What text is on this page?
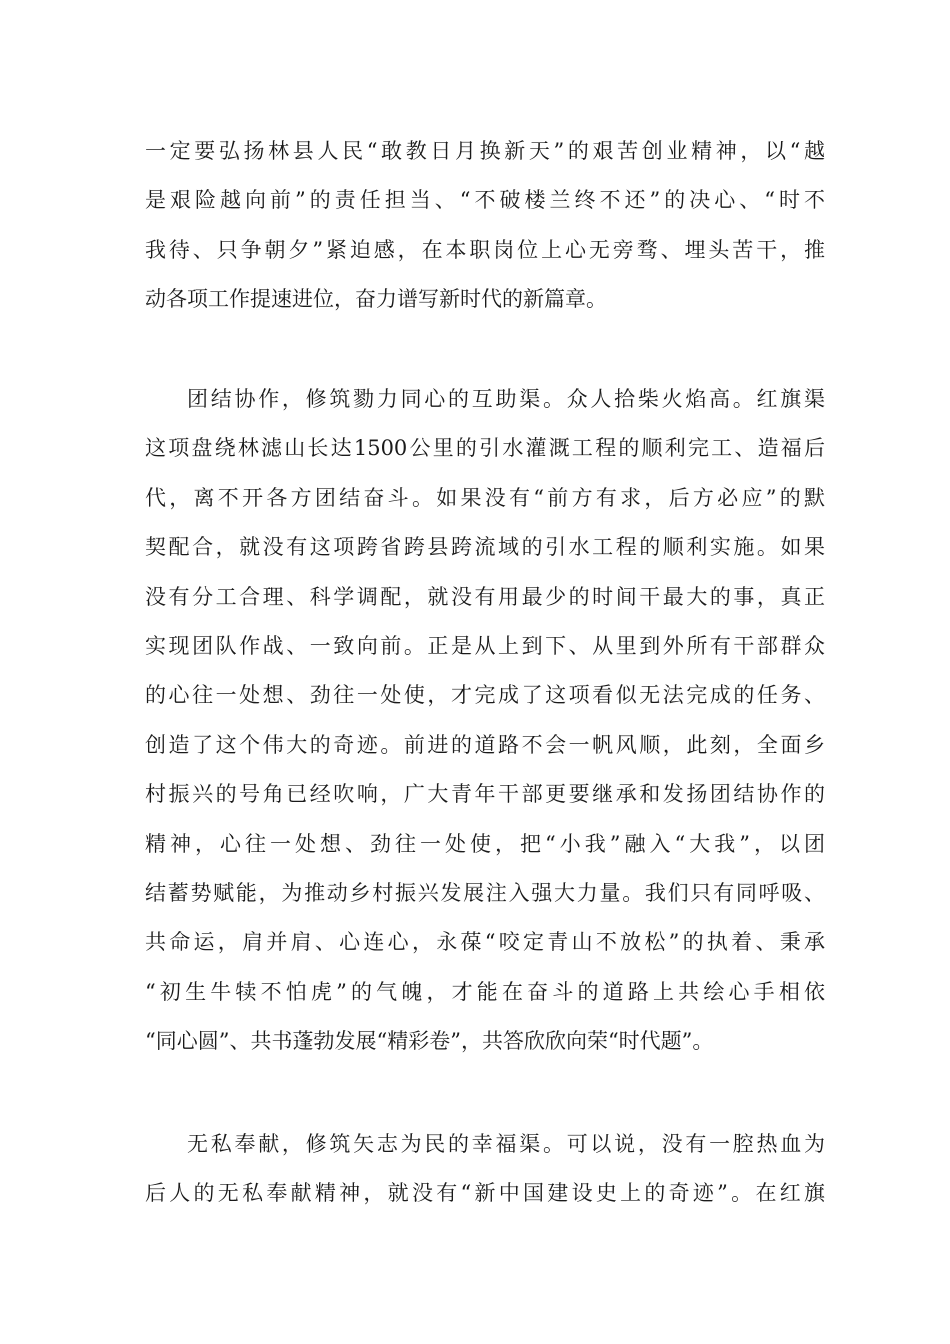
一定要弘扬林县人民“敢教日月换新天”的艰苦创业精神，以“越
是艰险越向前”的责任担当、“不破楼兰终不还”的决心、“时不
我待、只争朝夕”紧迫感，在本职岗位上心无旁骛、埋头苦干，推
动各项工作提速进位，奋力谱写新时代的新篇章。
团结协作，修筑勠力同心的互助渠。众人拾柴火焰高。红旗渠
这项盘绕林滤山长达1500公里的引水灌溉工程的顺利完工、造福后
代，离不开各方团结奋斗。如果没有“前方有求，后方必应”的默
契配合，就没有这项跨省跨县跨流域的引水工程的顺利实施。如果
没有分工合理、科学调配，就没有用最少的时间干最大的事，真正
实现团队作战、一致向前。正是从上到下、从里到外所有干部群众
的心往一处想、劲往一处使，才完成了这项看似无法完成的任务、
创造了这个伟大的奇迹。前进的道路不会一帆风顺，此刻，全面乡
村振兴的号角已经吹响，广大青年干部更要继承和发扬团结协作的
精神，心往一处想、劲往一处使，把“小我”融入“大我”，以团
结蓄势赋能，为推动乡村振兴发展注入强大力量。我们只有同呼吸、
共命运，肩并肩、心连心，永葆“咬定青山不放松”的执着、秉承
“初生牛犊不怕虎”的气魄，才能在奋斗的道路上共绘心手相依
“同心圆”、共书蓬勃发展“精彩卷”，共答欣欣向荣“时代题”。
无私奉献，修筑矢志为民的幸福渠。可以说，没有一腔热血为
后人的无私奉献精神，就没有“新中国建设史上的奇迹”。在红旗
